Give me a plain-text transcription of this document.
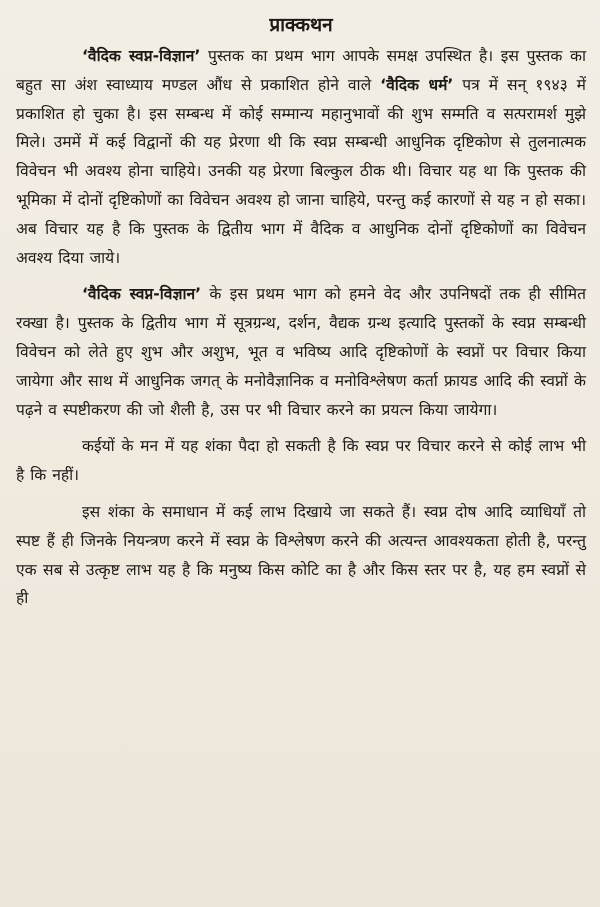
प्राक्कथन

‘वैदिक स्वप्न-विज्ञान’ पुस्तक का प्रथम भाग आपके समक्ष उपस्थित है। इस पुस्तक का बहुत सा अंश स्वाध्याय मण्डल औंध से प्रकाशित होने वाले ‘वैदिक धर्म’ पत्र में सन् १९४३ में प्रकाशित हो चुका है। इस सम्बन्ध में कोई सम्मान्य महानुभावों की शुभ सम्मति व सत्परामर्श मुझे मिले। उममें में कई विद्वानों की यह प्रेरणा थी कि स्वप्न सम्बन्धी आधुनिक दृष्टिकोण से तुलनात्मक विवेचन भी अवश्य होना चाहिये। उनकी यह प्रेरणा बिल्कुल ठीक थी। विचार यह था कि पुस्तक की भूमिका में दोनों दृष्टिकोणों का विवेचन अवश्य हो जाना चाहिये, परन्तु कई कारणों से यह न हो सका। अब विचार यह है कि पुस्तक के द्वितीय भाग में वैदिक व आधुनिक दोनों दृष्टिकोणों का विवेचन अवश्य दिया जाये।

‘वैदिक स्वप्न-विज्ञान’ के इस प्रथम भाग को हमने वेद और उपनिषदों तक ही सीमित रक्खा है। पुस्तक के द्वितीय भाग में सूत्रग्रन्थ, दर्शन, वैद्यक ग्रन्थ इत्यादि पुस्तकों के स्वप्न सम्बन्धी विवेचन को लेते हुए शुभ और अशुभ, भूत व भविष्य आदि दृष्टिकोणों के स्वप्नों पर विचार किया जायेगा और साथ में आधुनिक जगत् के मनोवैज्ञानिक व मनोविश्लेषण कर्ता फ्रायड आदि की स्वप्नों के पढ़ने व स्पष्टीकरण की जो शैली है, उस पर भी विचार करने का प्रयत्न किया जायेगा।

कईयों के मन में यह शंका पैदा हो सकती है कि स्वप्न पर विचार करने से कोई लाभ भी है कि नहीं।

इस शंका के समाधान में कई लाभ दिखाये जा सकते हैं। स्वप्न दोष आदि व्याधियाँ तो स्पष्ट हैं ही जिनके नियन्त्रण करने में स्वप्न के विश्लेषण करने की अत्यन्त आवश्यकता होती है, परन्तु एक सब से उत्कृष्ट लाभ यह है कि मनुष्य किस कोटि का है और किस स्तर पर है, यह हम स्वप्नों से ही
